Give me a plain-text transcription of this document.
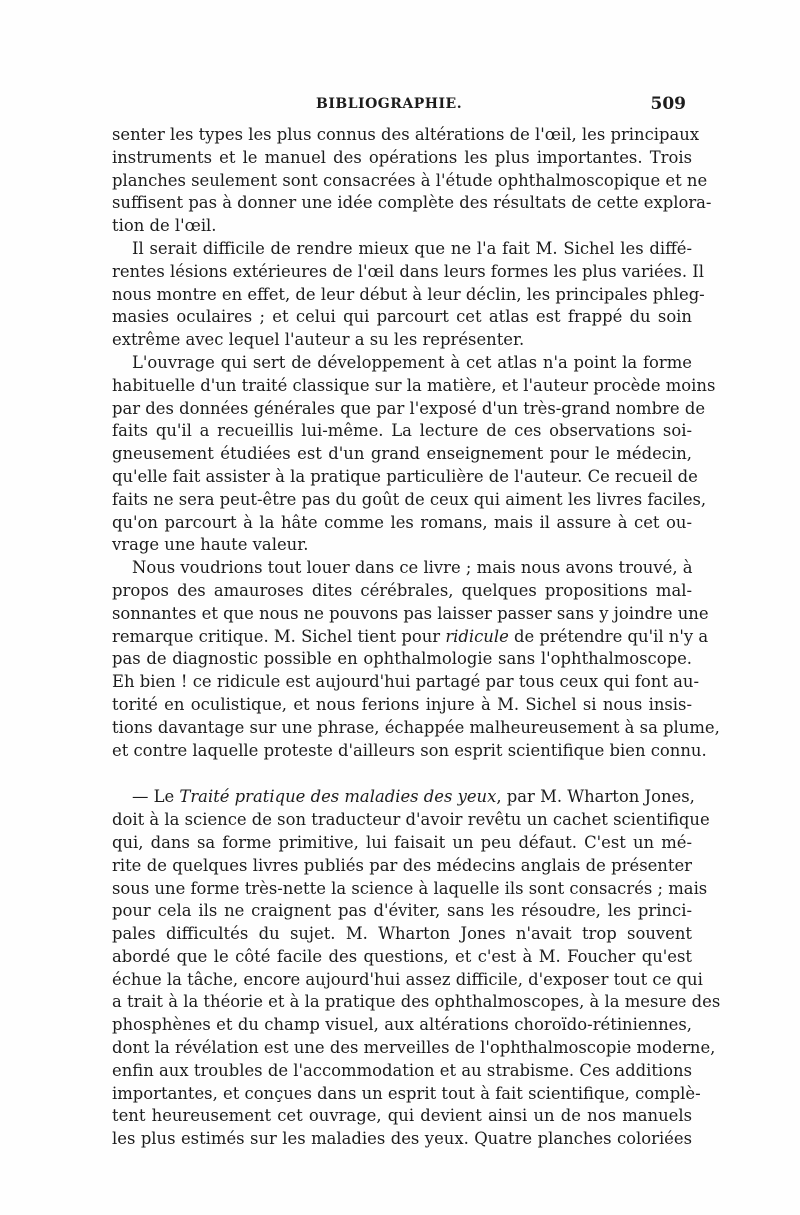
BIBLIOGRAPHIE.	509
senter les types les plus connus des altérations de l'œil, les principaux
instruments et le manuel des opérations les plus importantes. Trois
planches seulement sont consacrées à l'étude ophthalmoscopique et ne
suffisent pas à donner une idée complète des résultats de cette explora-
tion de l'œil.
Il serait difficile de rendre mieux que ne l'a fait M. Sichel les diffé-
rentes lésions extérieures de l'œil dans leurs formes les plus variées. Il
nous montre en effet, de leur début à leur déclin, les principales phleg-
masies oculaires ; et celui qui parcourt cet atlas est frappé du soin
extrême avec lequel l'auteur a su les représenter.
L'ouvrage qui sert de développement à cet atlas n'a point la forme
habituelle d'un traité classique sur la matière, et l'auteur procède moins
par des données générales que par l'exposé d'un très-grand nombre de
faits qu'il a recueillis lui-même. La lecture de ces observations soi-
gneusement étudiées est d'un grand enseignement pour le médecin,
qu'elle fait assister à la pratique particulière de l'auteur. Ce recueil de
faits ne sera peut-être pas du goût de ceux qui aiment les livres faciles,
qu'on parcourt à la hâte comme les romans, mais il assure à cet ou-
vrage une haute valeur.
Nous voudrions tout louer dans ce livre ; mais nous avons trouvé, à
propos des amauroses dites cérébrales, quelques propositions mal-
sonnantes et que nous ne pouvons pas laisser passer sans y joindre une
remarque critique. M. Sichel tient pour ridicule de prétendre qu'il n'y a
pas de diagnostic possible en ophthalmologie sans l'ophthalmoscope.
Eh bien ! ce ridicule est aujourd'hui partagé par tous ceux qui font au-
torité en oculistique, et nous ferions injure à M. Sichel si nous insis-
tions davantage sur une phrase, échappée malheureusement à sa plume,
et contre laquelle proteste d'ailleurs son esprit scientifique bien connu.
— Le Traité pratique des maladies des yeux, par M. Wharton Jones,
doit à la science de son traducteur d'avoir revêtu un cachet scientifique
qui, dans sa forme primitive, lui faisait un peu défaut. C'est un mé-
rite de quelques livres publiés par des médecins anglais de présenter
sous une forme très-nette la science à laquelle ils sont consacrés ; mais
pour cela ils ne craignent pas d'éviter, sans les résoudre, les princi-
pales difficultés du sujet. M. Wharton Jones n'avait trop souvent
abordé que le côté facile des questions, et c'est à M. Foucher qu'est
échue la tâche, encore aujourd'hui assez difficile, d'exposer tout ce qui
a trait à la théorie et à la pratique des ophthalmoscopes, à la mesure des
phosphènes et du champ visuel, aux altérations choroïdo-rétiniennes,
dont la révélation est une des merveilles de l'ophthalmoscopie moderne,
enfin aux troubles de l'accommodation et au strabisme. Ces additions
importantes, et conçues dans un esprit tout à fait scientifique, complè-
tent heureusement cet ouvrage, qui devient ainsi un de nos manuels
les plus estimés sur les maladies des yeux. Quatre planches coloriées
